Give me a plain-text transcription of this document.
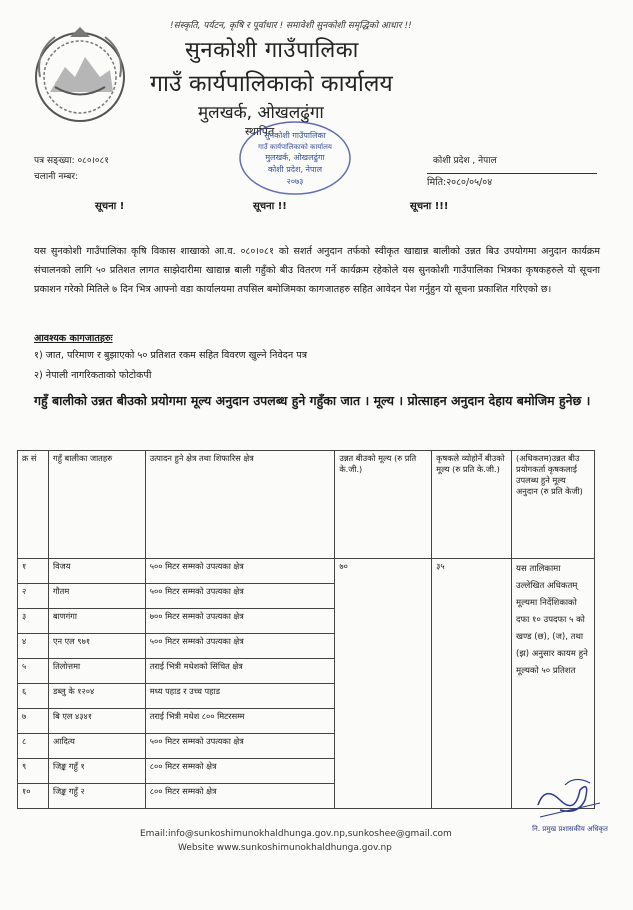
!संस्कृति, पर्यटन, कृषि र पूर्वाधार ! समावेशी सुनकोशी समृद्धिको आधार !!
सुनकोशी गाउँपालिका
गाउँ कार्यपालिकाको कार्यालय
मुलखर्क, ओखलढुंगा
स्थापित
सुनकोशी गाउँपालिका
गाउँ कार्यपालिकाको कार्यालय
मुलखर्क, ओखलढुंगा
कोशी प्रदेश, नेपाल
२०७३
पत्र सङ्ख्या: ०८०।०८१
चलानी नम्बर:
कोशी प्रदेश , नेपाल
मिति:२०८०/०५/०४
सूचना !	सूचना !!	सूचना !!!
यस सुनकोशी गाउँपालिका कृषि विकास शाखाको आ.व. ०८०।०८१ को सशर्त अनुदान तर्फको स्वीकृत खाद्यान्न बालीको उन्नत बिउ उपयोगमा अनुदान कार्यक्रम संचालनको लागि ५० प्रतिशत लागत साझेदारीमा खाद्यान्न बाली गहुँको बीउ वितरण गर्ने कार्यक्रम रहेकोले यस सुनकोशी गाउँपालिका भित्रका कृषकहरुले यो सूचना प्रकाशन गरेको मितिले ७ दिन भित्र आफ्नो वडा कार्यालयमा तपसिल बमोजिमका कागजातहरु सहित आवेदन पेश गर्नुहुन यो सूचना प्रकाशित गरिएको छ।
आवश्यक कागजातहरुः
१) जात, परिमाण र बुझाएको ५० प्रतिशत रकम सहित विवरण खुल्ने निवेदन पत्र
२) नेपाली नागरिकताको फोटोकपी
गहुँ बालीको उन्नत बीउको प्रयोगमा मूल्य अनुदान उपलब्ध हुने गहुँका जात । मूल्य । प्रोत्साहन अनुदान देहाय बमोजिम हुनेछ ।
क्र सं	गहुँ बालीका जातहरु	उत्पादन हुने क्षेत्र तथा शिफारिस क्षेत्र	उन्नत बीउको मूल्य (रु प्रति के.जी.)	कृषकले व्योहोर्ने बीउको मूल्य (रु प्रति के.जी.)	(अधिकतम)उन्नत बीउ प्रयोगकर्ता कृषकलाई उपलब्ध हुने मूल्य अनुदान (रु प्रति केजी)
१	विजय	५०० मिटर सम्मको उपत्यका क्षेत्र	७०	३५	यस तालिकामा उल्लेखित अधिकतम् मूल्यमा निर्देशिकाको दफा १० उपदफा ५ को खण्ड (छ), (ज), तथा (झ) अनुसार कायम हुने मूल्यको ५० प्रतिशत
२	गौतम	५०० मिटर सम्मको उपत्यका क्षेत्र			
३	बाणगंगा	७०० मिटर सम्मको उपत्यका क्षेत्र			
४	एन एल ९७१	५०० मिटर सम्मको उपत्यका क्षेत्र			
५	तिलोत्तमा	तराई भित्री मधेशको सिंचित क्षेत्र			
६	डब्लु के १२०४	मध्य पहाड र उच्च पहाड			
७	बि एल ४३४१	तराई भित्री मधेश ८०० मिटरसम्म			
८	आदित्य	५०० मिटर सम्मको उपत्यका क्षेत्र			
९	जिङ्क गहुँ १	८०० मिटर सम्मको क्षेत्र			
१०	जिङ्क गहुँ २	८०० मिटर सम्मको क्षेत्र			
नि. प्रमुख प्रशासकीय अधिकृत
Email:info@sunkoshimunokhaldhunga.gov.np,sunkoshee@gmail.com
Website www.sunkoshimunokhaldhunga.gov.np
